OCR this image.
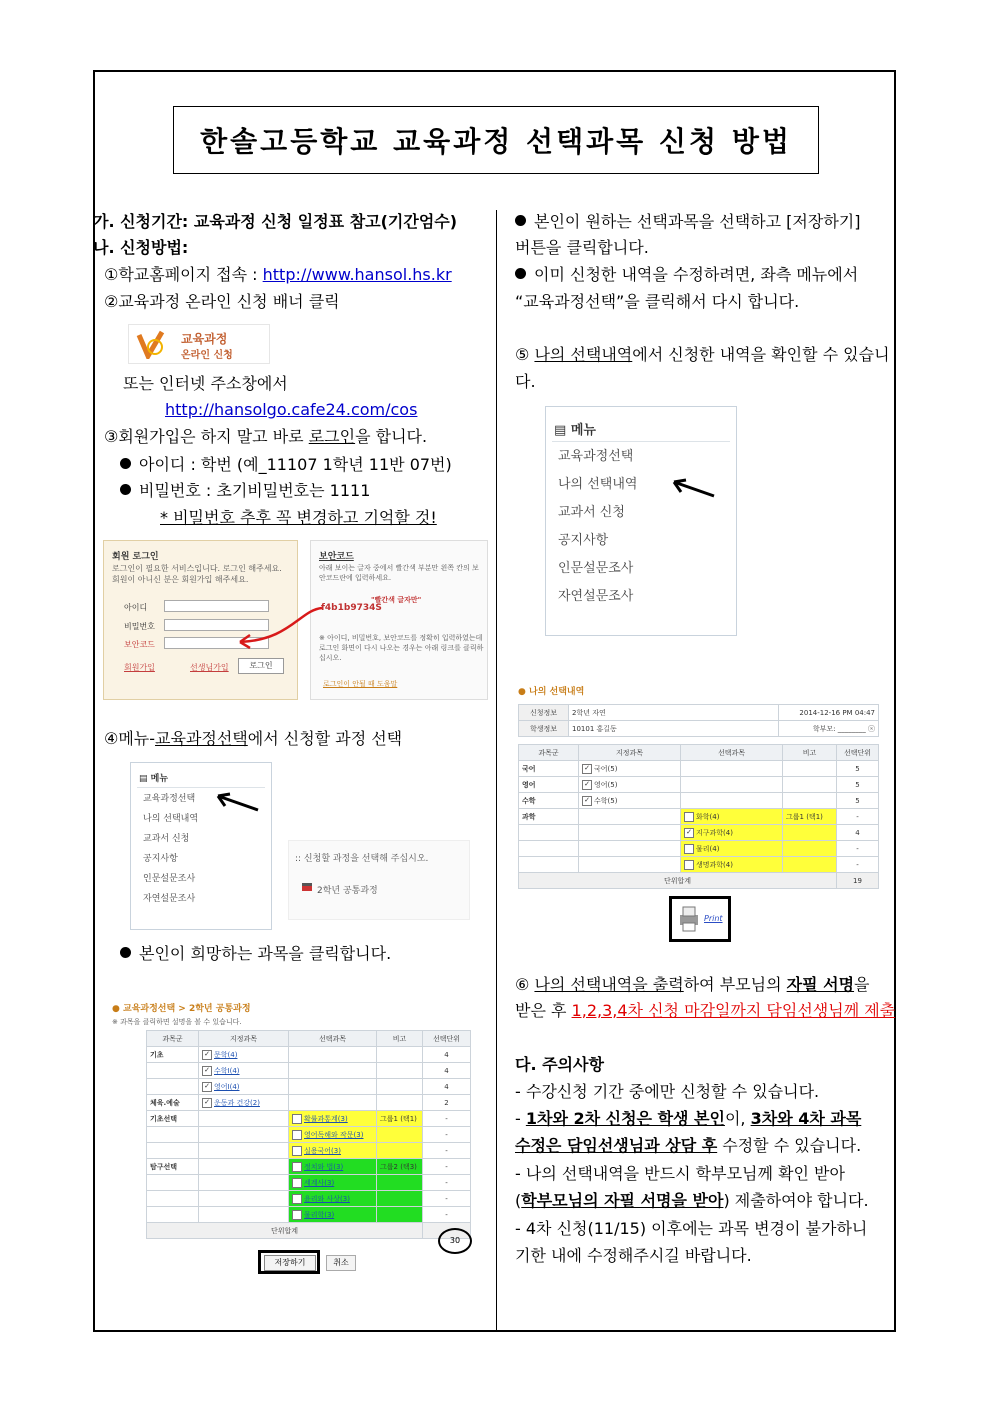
한솔고등학교 교육과정 선택과목 신청 방법
가. 신청기간: 교육과정 신청 일정표 참고(기간엄수)
나. 신청방법:
①학교홈페이지 접속 : http://www.hansol.hs.kr
②교육과정 온라인 신청 배너 클릭
교육과정
온라인 신청
또는 인터넷 주소창에서
http://hansolgo.cafe24.com/cos
③회원가입은 하지 말고 바로 로그인을 합니다.
아이디 : 학번 (예_11107 1학년 11반 07번)
비밀번호 : 초기비밀번호는 1111
* 비밀번호 추후 꼭 변경하고 기억할 것!
회원 로그인
로그인이 필요한 서비스입니다. 로그인 해주세요. 회원이 아니신 분은 회원가입 해주세요.
아이디
비밀번호
보안코드
회원가입	선생님가입	로그인
보안코드
아래 보이는 글자 중에서 빨간색 부분만 왼쪽 칸의 보안코드란에 입력하세요.
"빨간색 글자만"
f4b1b9734S
※ 아이디, 비밀번호, 보안코드를 정확히 입력하였는데 로그인 화면이 다시 나오는 경우는 아래 링크를 클릭하십시오.
로그인이 안될 때 도움말
④메뉴-교육과정선택에서 신청할 과정 선택
▤ 메뉴
교육과정선택
나의 선택내역
교과서 신청
공지사항
인문설문조사
자연설문조사
:: 신청할 과정을 선택해 주십시오.
2학년 공통과정
본인이 희망하는 과목을 클릭합니다.
● 교육과정선택 > 2학년 공통과정
※ 과목을 클릭하면 설명을 볼 수 있습니다.
과목군	지정과목	선택과목	비고	선택단위
기초	✓ 문학(4)			4
	✓ 수학Ⅰ(4)			4
	✓ 영어Ⅰ(4)			4
체육.예술	✓ 운동과 건강(2)			2
기초선택		확률과통계(3)	그룹1 (택1)	-
		영어독해와 작문(3)		-
		실용국어(3)		-
탐구선택		정치와 법(3)	그룹2 (택3)	-
		세계사(3)		-
		윤리와 사상(3)		-
		물리학(3)		-
단위합계				
30
저장하기	취소
본인이 원하는 선택과목을 선택하고 [저장하기]
버튼을 클릭합니다.
이미 신청한 내역을 수정하려면, 좌측 메뉴에서
“교육과정선택”을 클릭해서 다시 합니다.
⑤ 나의 선택내역에서 신청한 내역을 확인할 수 있습니
다.
▤ 메뉴
교육과정선택
나의 선택내역
교과서 신청
공지사항
인문설문조사
자연설문조사
● 나의 선택내역
신청정보	2학년 자연	2014-12-16 PM 04:47
학생정보	10101 홍길동	학부모: ________ ⓢ
과목군	지정과목	선택과목	비고	선택단위
국어	✓ 국어(5)			5
영어	✓ 영어(5)			5
수학	✓ 수학(5)			5
과학		화학(4)	그룹1 (택1)	-
		✓ 지구과학(4)		4
		물리(4)		-
		생명과학(4)		-
단위합계				19
Print
⑥ 나의 선택내역을 출력하여 부모님의 자필 서명을
받은 후 1,2,3,4차 신청 마감일까지 담임선생님께 제출
다. 주의사항
- 수강신청 기간 중에만 신청할 수 있습니다.
- 1차와 2차 신청은 학생 본인이, 3차와 4차 과목
수정은 담임선생님과 상담 후 수정할 수 있습니다.
- 나의 선택내역을 반드시 학부모님께 확인 받아
(학부모님의 자필 서명을 받아) 제출하여야 합니다.
- 4차 신청(11/15) 이후에는 과목 변경이 불가하니
기한 내에 수정해주시길 바랍니다.
